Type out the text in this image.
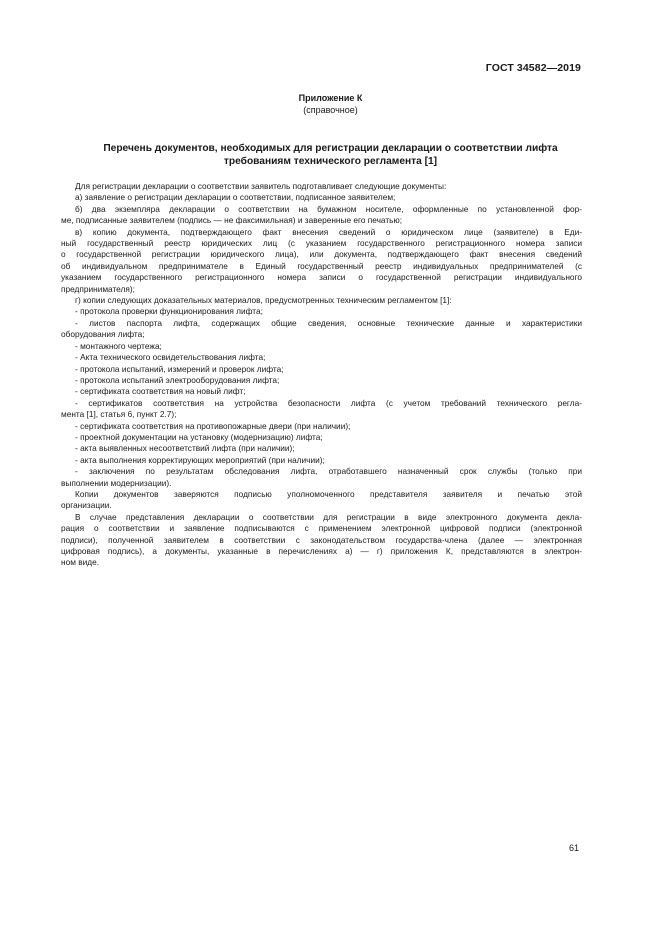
ГОСТ 34582—2019
Приложение К
(справочное)
Перечень документов, необходимых для регистрации декларации о соответствии лифта
требованиям технического регламента [1]

Для регистрации декларации о соответствии заявитель подготавливает следующие документы:

а) заявление о регистрации декларации о соответствии, подписанное заявителем;

б) два экземпляра декларации о соответствии на бумажном носителе, оформленные по установленной фор-

ме, подписанные заявителем (подпись — не факсимильная) и заверенные его печатью;

в) копию документа, подтверждающего факт внесения сведений о юридическом лице (заявителе) в Еди-

ный государственный реестр юридических лиц (с указанием государственного регистрационного номера записи

о государственной регистрации юридического лица), или документа, подтверждающего факт внесения сведений

об индивидуальном предпринимателе в Единый государственный реестр индивидуальных предпринимателей (с

указанием государственного регистрационного номера записи о государственной регистрации индивидуального

предпринимателя);

г) копии следующих доказательных материалов, предусмотренных техническим регламентом [1]:

- протокола проверки функционирования лифта;

- листов паспорта лифта, содержащих общие сведения, основные технические данные и характеристики

оборудования лифта;

- монтажного чертежа;

- Акта технического освидетельствования лифта;

- протокола испытаний, измерений и проверок лифта;

- протокола испытаний электрооборудования лифта;

- сертификата соответствия на новый лифт;

- сертификатов соответствия на устройства безопасности лифта (с учетом требований технического регла-

мента [1], статья 6, пункт 2.7);

- сертификата соответствия на противопожарные двери (при наличии);

- проектной документации на установку (модернизацию) лифта;

- акта выявленных несоответствий лифта (при наличии);

- акта выполнения корректирующих мероприятий (при наличии);

- заключения по результатам обследования лифта, отработавшего назначенный срок службы (только при

выполнении модернизации).

Копии документов заверяются подписью уполномоченного представителя заявителя и печатью этой

организации.

В случае представления декларации о соответствии для регистрации в виде электронного документа декла-

рация о соответствии и заявление подписываются с применением электронной цифровой подписи (электронной

подписи), полученной заявителем в соответствии с законодательством государства-члена (далее — электронная

цифровая подпись), а документы, указанные в перечислениях а) — г) приложения К, представляются в электрон-

ном виде.

61
